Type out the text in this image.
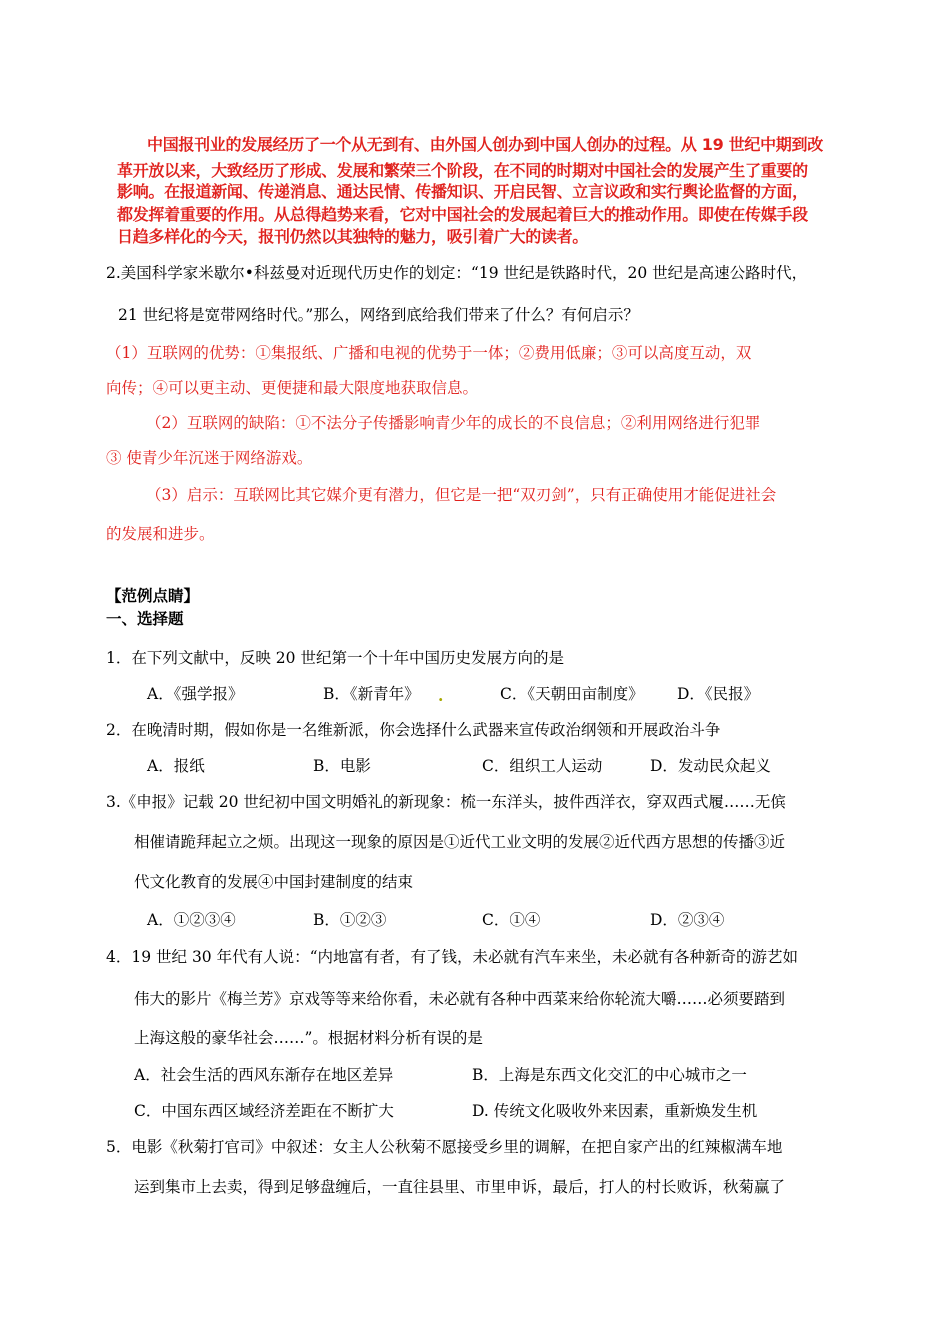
中国报刊业的发展经历了一个从无到有、由外国人创办到中国人创办的过程。从 19 世纪中期到改
革开放以来，大致经历了形成、发展和繁荣三个阶段，在不同的时期对中国社会的发展产生了重要的
影响。在报道新闻、传递消息、通达民情、传播知识、开启民智、立言议政和实行舆论监督的方面，
都发挥着重要的作用。从总得趋势来看，它对中国社会的发展起着巨大的推动作用。即使在传媒手段
日趋多样化的今天，报刊仍然以其独特的魅力，吸引着广大的读者。
2.美国科学家米歇尔•科兹曼对近现代历史作的划定：“19 世纪是铁路时代，20 世纪是高速公路时代，
21 世纪将是宽带网络时代。”那么，网络到底给我们带来了什么？有何启示？
（1）互联网的优势：①集报纸、广播和电视的优势于一体；②费用低廉；③可以高度互动，双
向传；④可以更主动、更便捷和最大限度地获取信息。
（2）互联网的缺陷：①不法分子传播影响青少年的成长的不良信息；②利用网络进行犯罪
③ 使青少年沉迷于网络游戏。
（3）启示：互联网比其它媒介更有潜力，但它是一把“双刃剑”，只有正确使用才能促进社会
的发展和进步。
【范例点睛】
一、选择题
1．在下列文献中，反映 20 世纪第一个十年中国历史发展方向的是
A．《强学报》	B．《新青年》 .	C．《天朝田亩制度》 D．《民报》
2．在晚清时期，假如你是一名维新派，你会选择什么武器来宣传政治纲领和开展政治斗争
A．报纸	B．电影	C．组织工人运动	D．发动民众起义
3.《申报》记载 20 世纪初中国文明婚礼的新现象：梳一东洋头，披件西洋衣，穿双西式履……无傧
相催请跪拜起立之烦。出现这一现象的原因是①近代工业文明的发展②近代西方思想的传播③近
代文化教育的发展④中国封建制度的结束
A．①②③④	B．①②③	C．①④	D．②③④
4．19 世纪 30 年代有人说：“内地富有者，有了钱，未必就有汽车来坐，未必就有各种新奇的游艺如
伟大的影片《梅兰芳》京戏等等来给你看，未必就有各种中西菜来给你轮流大嚼……必须要踏到
上海这般的豪华社会……”。根据材料分析有误的是
A．社会生活的西风东渐存在地区差异	B．上海是东西文化交汇的中心城市之一
C．中国东西区域经济差距在不断扩大	D. 传统文化吸收外来因素，重新焕发生机
5．电影《秋菊打官司》中叙述：女主人公秋菊不愿接受乡里的调解，在把自家产出的红辣椒满车地
运到集市上去卖，得到足够盘缠后，一直往县里、市里申诉，最后，打人的村长败诉，秋菊赢了
